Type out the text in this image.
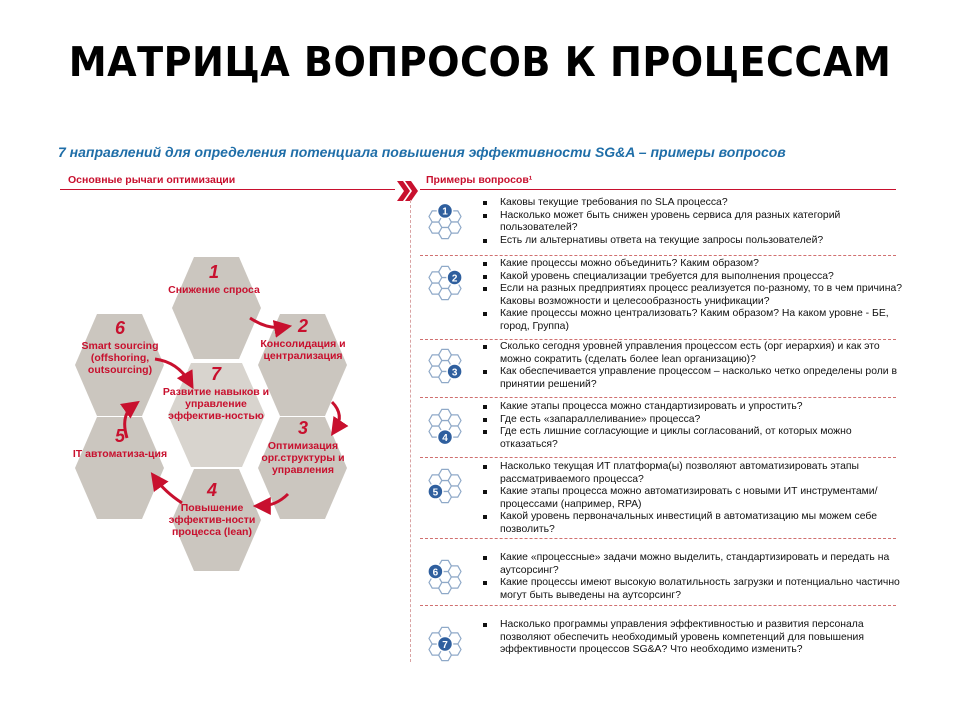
МАТРИЦА ВОПРОСОВ К ПРОЦЕССАМ
7 направлений для определения потенциала повышения эффективности SG&A – примеры вопросов
Основные рычаги оптимизации	Примеры вопросов¹
1
Снижение спроса
2
Консолидация и централизация
3
Оптимизация орг.структуры и управления
4
Повышение эффектив-ности процесса (lean)
5
IT автоматиза-ция
6
Smart sourcing (offshoring, outsourcing)	7
Развитие навыков и управление эффектив-ностью
1
Каковы текущие требования по SLA процесса?
Насколько может быть снижен уровень сервиса для разных категорий пользователей?
Есть ли альтернативы ответа на текущие запросы пользователей?
2
Какие процессы можно объединить? Каким образом?
Какой уровень специализации требуется для выполнения процесса?
Если на разных предприятиях процесс реализуется по-разному, то в чем причина? Каковы возможности и целесообразность унификации?
Какие процессы можно централизовать? Каким образом? На каком уровне - БЕ, город, Группа)
3
Сколько сегодня уровней управления процессом есть (орг иерархия) и как это можно сократить (сделать более lean организацию)?
Как обеспечивается управление процессом – насколько четко определены роли в принятии решений?
4
Какие этапы процесса можно стандартизировать и упростить?
Где есть «запараллеливание» процесса?
Где есть лишние согласующие и циклы согласований, от которых можно отказаться?
5
Насколько текущая ИТ платформа(ы) позволяют автоматизировать этапы рассматриваемого процесса?
Какие этапы процесса можно автоматизировать с новыми ИТ инструментами/процессами (например, RPA)
Какой уровень первоначальных инвестиций в автоматизацию мы можем себе позволить?
6
Какие «процессные» задачи можно выделить, стандартизировать и передать на аутсорсинг?
Какие процессы имеют высокую волатильность загрузки и потенциально частично могут быть выведены на аутсорсинг?
7
Насколько программы управления эффективностью и развития персонала позволяют обеспечить необходимый уровень компетенций для повышения эффективности процессов SG&A? Что необходимо изменить?
